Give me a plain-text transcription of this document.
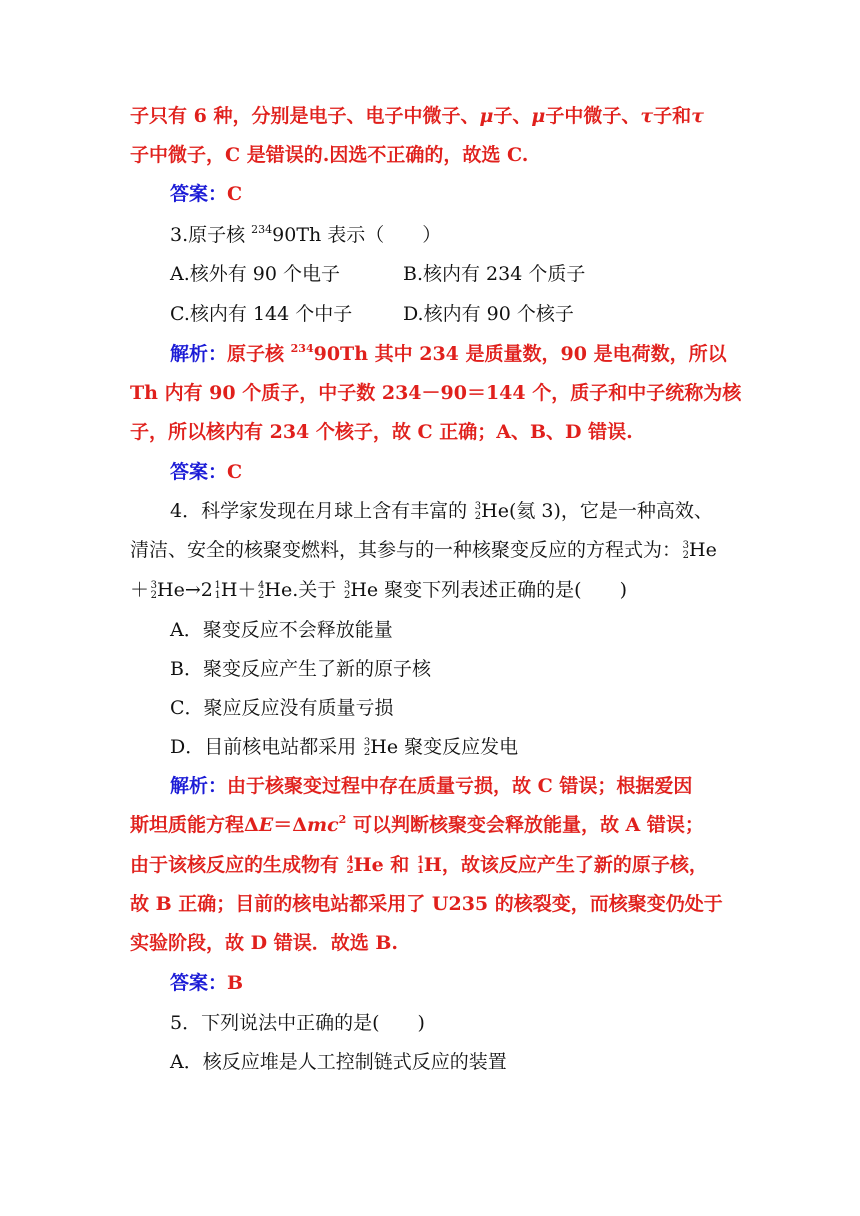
子只有 6 种，分别是电子、电子中微子、μ子、μ子中微子、τ子和τ
子中微子，C 是错误的.因选不正确的，故选 C.
答案：C
3.原子核 $^{234}$90Th 表示（　　）
A.核外有 90 个电子	B.核内有 234 个质子
C.核内有 144 个中子	D.核内有 90 个核子
解析：原子核 $^{234}$90Th 其中 234 是质量数，90 是电荷数，所以
Th 内有 90 个质子，中子数 234－90＝144 个，质子和中子统称为核
子，所以核内有 234 个核子，故 C 正确；A、B、D 错误.
答案：C
4．科学家发现在月球上含有丰富的 3
2 He(氦 3)，它是一种高效、
清洁、安全的核聚变燃料，其参与的一种核聚变反应的方程式为： 3
2 He
＋ 3
2 He→2 1
1 H＋ 4
2 He.关于 3
2 He 聚变下列表述正确的是(　　)
A．聚变反应不会释放能量
B．聚变反应产生了新的原子核
C．聚应反应没有质量亏损
D．目前核电站都采用 3
2 He 聚变反应发电
解析：由于核聚变过程中存在质量亏损，故 C 错误；根据爱因
斯坦质能方程ΔE＝Δmc$^2$ 可以判断核聚变会释放能量，故 A 错误；
由于该核反应的生成物有 4
2 He 和 1
1 H，故该反应产生了新的原子核，
故 B 正确；目前的核电站都采用了 U235 的核裂变，而核聚变仍处于
实验阶段，故 D 错误．故选 B.
答案：B
5．下列说法中正确的是(　　)
A．核反应堆是人工控制链式反应的装置
